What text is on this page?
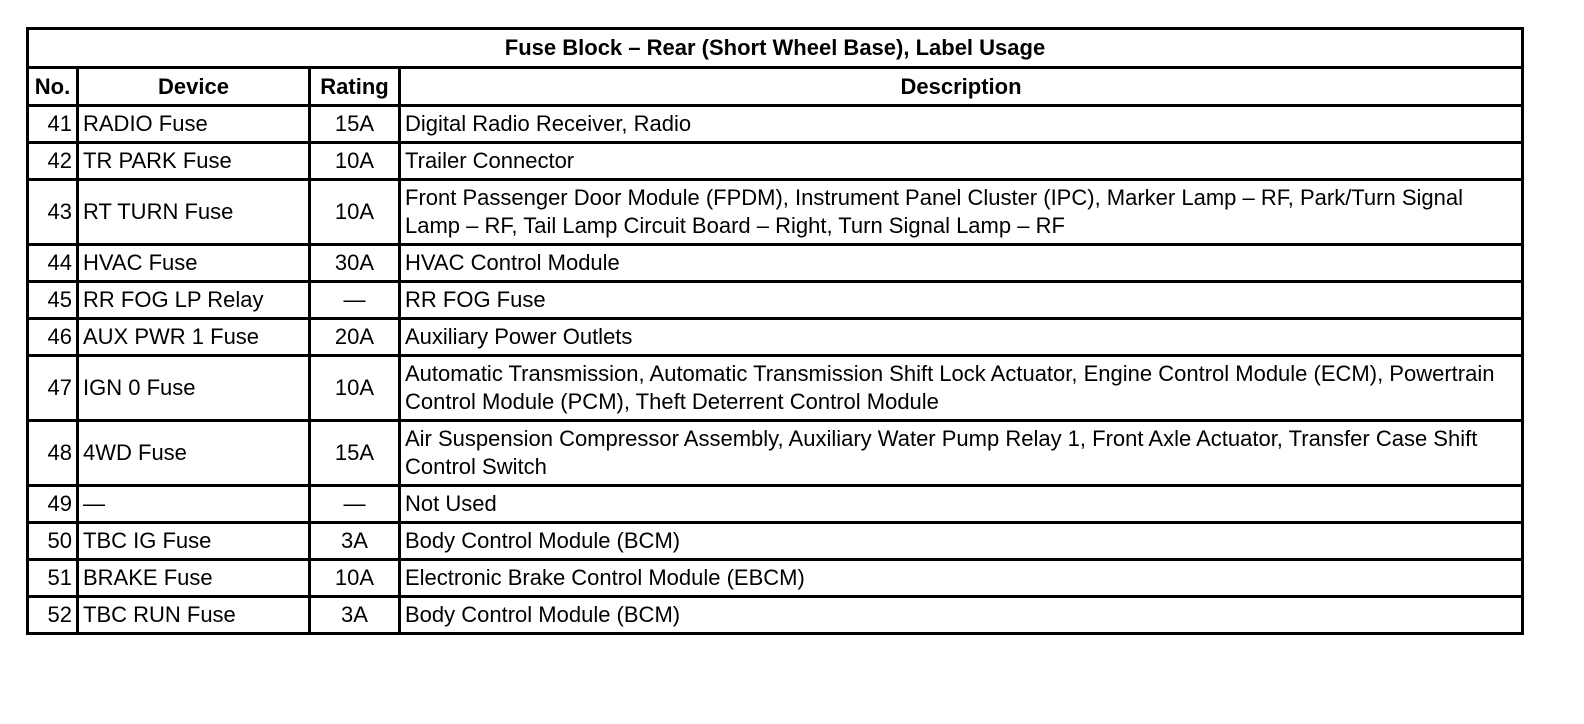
Fuse Block – Rear (Short Wheel Base), Label Usage			
No.	Device	Rating	Description
41	RADIO Fuse	15A	Digital Radio Receiver, Radio
42	TR PARK Fuse	10A	Trailer Connector
43	RT TURN Fuse	10A	Front Passenger Door Module (FPDM), Instrument Panel Cluster (IPC), Marker Lamp – RF, Park/Turn Signal Lamp – RF, Tail Lamp Circuit Board – Right, Turn Signal Lamp – RF
44	HVAC Fuse	30A	HVAC Control Module
45	RR FOG LP Relay	—	RR FOG Fuse
46	AUX PWR 1 Fuse	20A	Auxiliary Power Outlets
47	IGN 0 Fuse	10A	Automatic Transmission, Automatic Transmission Shift Lock Actuator, Engine Control Module (ECM), Powertrain Control Module (PCM), Theft Deterrent Control Module
48	4WD Fuse	15A	Air Suspension Compressor Assembly, Auxiliary Water Pump Relay 1, Front Axle Actuator, Transfer Case Shift Control Switch
49	—	—	Not Used
50	TBC IG Fuse	3A	Body Control Module (BCM)
51	BRAKE Fuse	10A	Electronic Brake Control Module (EBCM)
52	TBC RUN Fuse	3A	Body Control Module (BCM)
